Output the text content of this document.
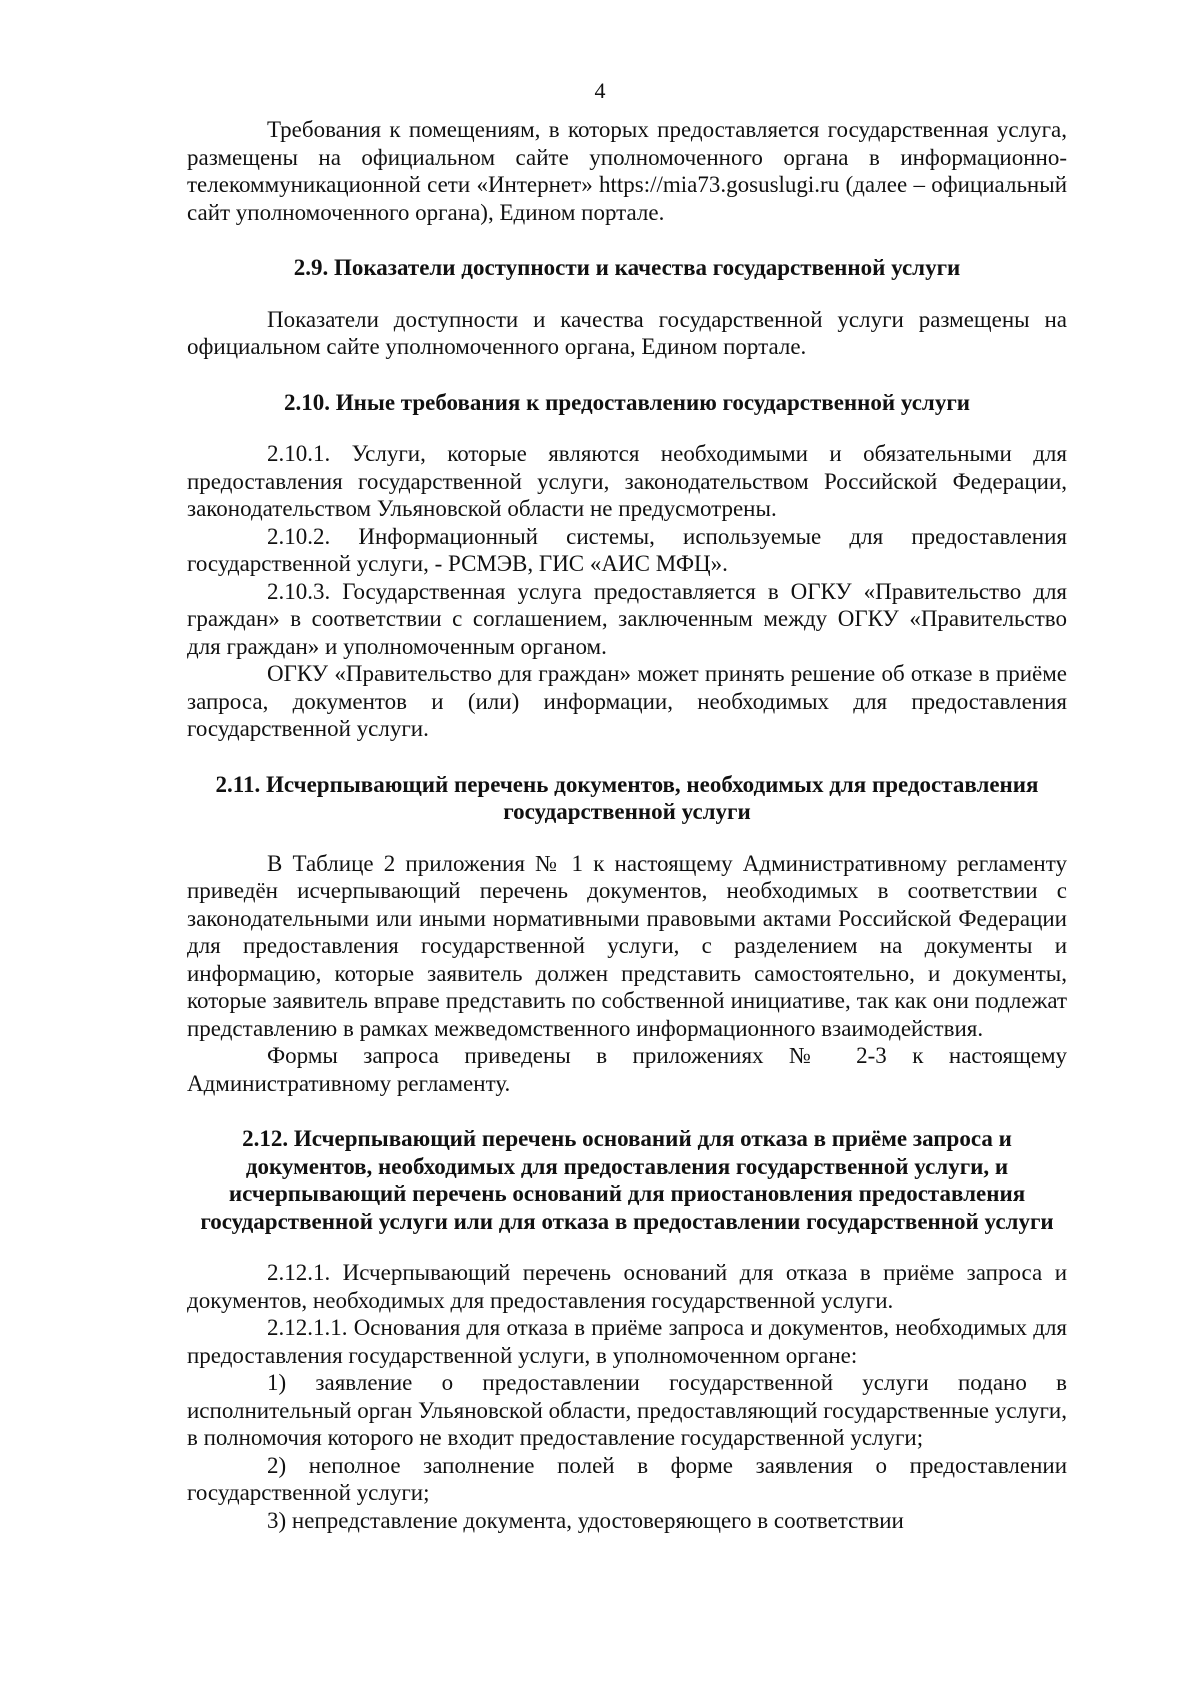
4

Требования к помещениям, в которых предоставляется государственная услуга, размещены на официальном сайте уполномоченного органа в информационно-телекоммуникационной сети «Интернет» https://mia73.gosuslugi.ru (далее – официальный сайт уполномоченного органа), Едином портале.

2.9. Показатели доступности и качества государственной услуги

Показатели доступности и качества государственной услуги размещены на официальном сайте уполномоченного органа, Едином портале.

2.10. Иные требования к предоставлению государственной услуги

2.10.1. Услуги, которые являются необходимыми и обязательными для предоставления государственной услуги, законодательством Российской Федерации, законодательством Ульяновской области не предусмотрены.

2.10.2. Информационный системы, используемые для предоставления государственной услуги, - РСМЭВ, ГИС «АИС МФЦ».

2.10.3. Государственная услуга предоставляется в ОГКУ «Правительство для граждан» в соответствии с соглашением, заключенным между ОГКУ «Правительство для граждан» и уполномоченным органом.

ОГКУ «Правительство для граждан» может принять решение об отказе в приёме запроса, документов и (или) информации, необходимых для предоставления государственной услуги.

2.11. Исчерпывающий перечень документов, необходимых для предоставления государственной услуги

В Таблице 2 приложения № 1 к настоящему Административному регламенту приведён исчерпывающий перечень документов, необходимых в соответствии с законодательными или иными нормативными правовыми актами Российской Федерации для предоставления государственной услуги, с разделением на документы и информацию, которые заявитель должен представить самостоятельно, и документы, которые заявитель вправе представить по собственной инициативе, так как они подлежат представлению в рамках межведомственного информационного взаимодействия.

Формы запроса приведены в приложениях № 2-3 к настоящему Административному регламенту.

2.12. Исчерпывающий перечень оснований для отказа в приёме запроса и документов, необходимых для предоставления государственной услуги, и исчерпывающий перечень оснований для приостановления предоставления государственной услуги или для отказа в предоставлении государственной услуги

2.12.1. Исчерпывающий перечень оснований для отказа в приёме запроса и документов, необходимых для предоставления государственной услуги.

2.12.1.1. Основания для отказа в приёме запроса и документов, необходимых для предоставления государственной услуги, в уполномоченном органе:

1) заявление о предоставлении государственной услуги подано в исполнительный орган Ульяновской области, предоставляющий государственные услуги, в полномочия которого не входит предоставление государственной услуги;

2) неполное заполнение полей в форме заявления о предоставлении государственной услуги;

3) непредставление документа, удостоверяющего в соответствии
